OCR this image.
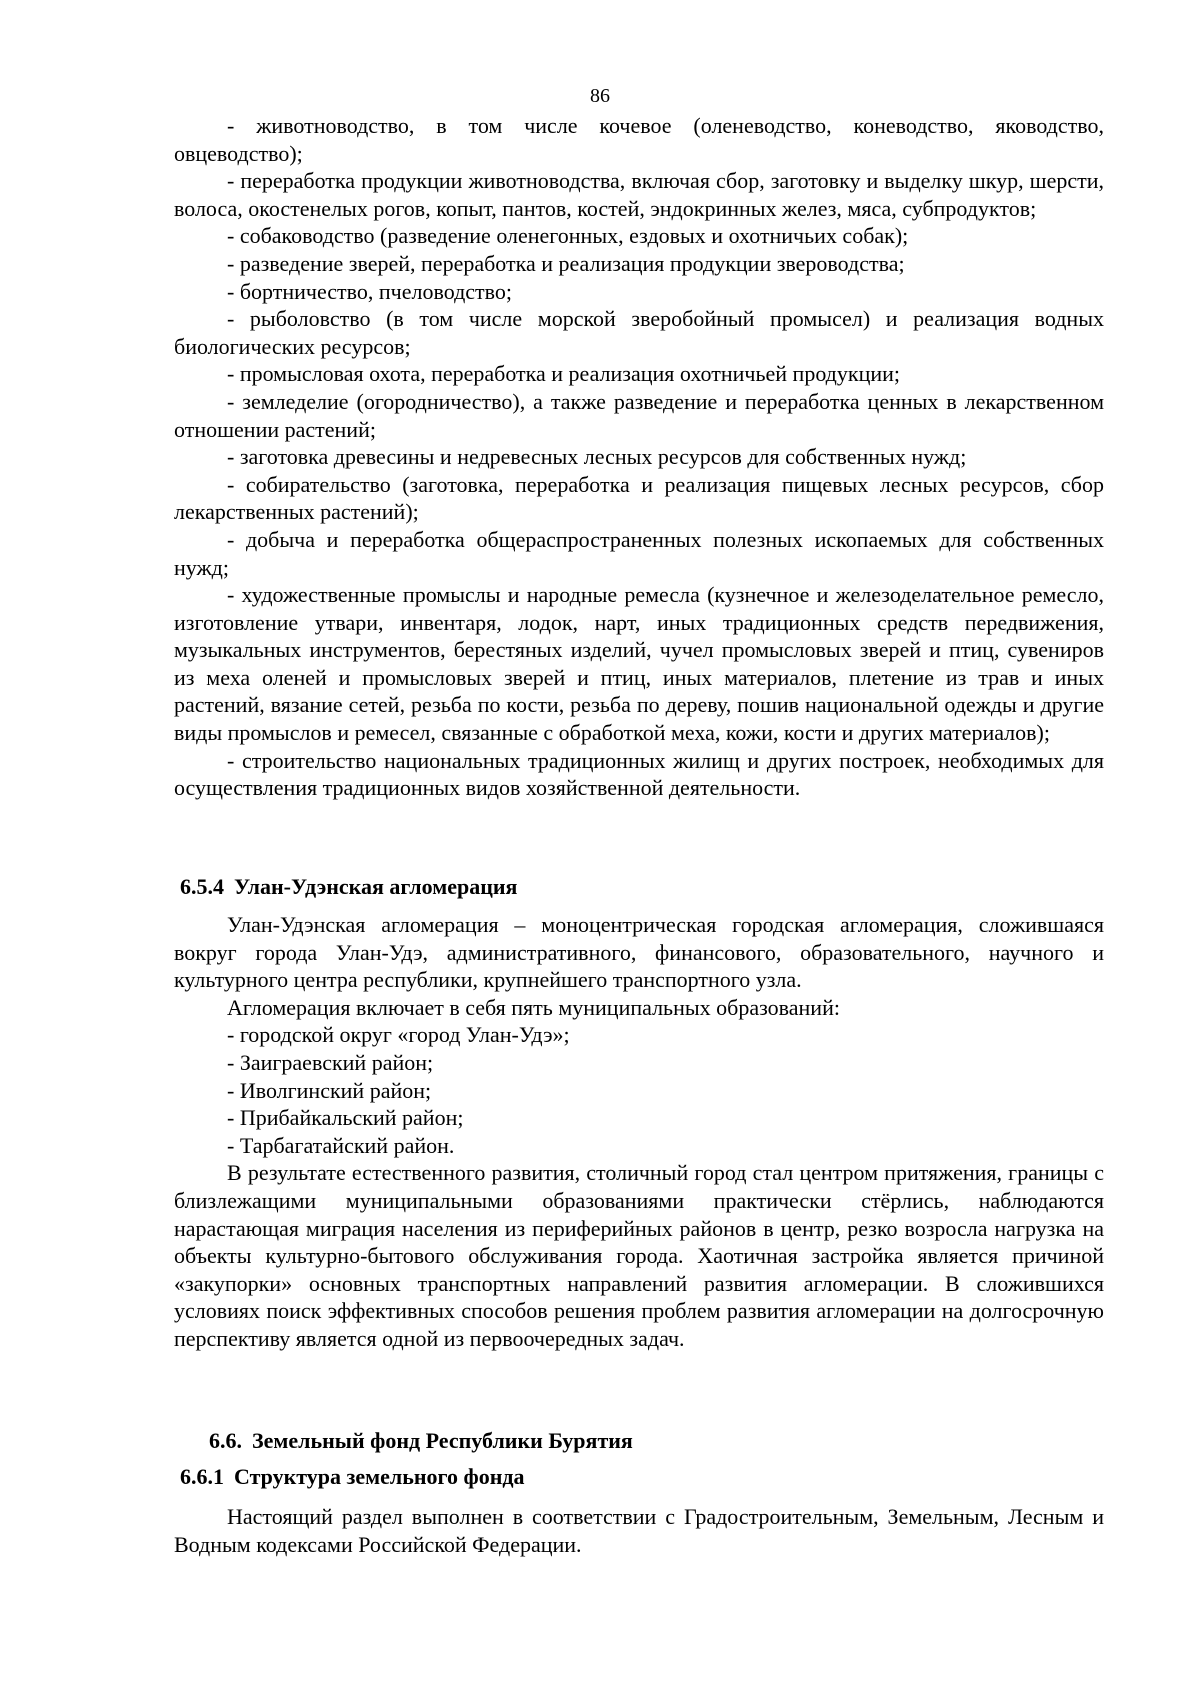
86

- животноводство, в том числе кочевое (оленеводство, коневодство, яководство, овцеводство);

- переработка продукции животноводства, включая сбор, заготовку и выделку шкур, шерсти, волоса, окостенелых рогов, копыт, пантов, костей, эндокринных желез, мяса, субпродуктов;

- собаководство (разведение оленегонных, ездовых и охотничьих собак);

- разведение зверей, переработка и реализация продукции звероводства;

- бортничество, пчеловодство;

- рыболовство (в том числе морской зверобойный промысел) и реализация водных биологических ресурсов;

- промысловая охота, переработка и реализация охотничьей продукции;

- земледелие (огородничество), а также разведение и переработка ценных в лекарственном отношении растений;

- заготовка древесины и недревесных лесных ресурсов для собственных нужд;

- собирательство (заготовка, переработка и реализация пищевых лесных ресурсов, сбор лекарственных растений);

- добыча и переработка общераспространенных полезных ископаемых для собственных нужд;

- художественные промыслы и народные ремесла (кузнечное и железоделательное ремесло, изготовление утвари, инвентаря, лодок, нарт, иных традиционных средств передвижения, музыкальных инструментов, берестяных изделий, чучел промысловых зверей и птиц, сувениров из меха оленей и промысловых зверей и птиц, иных материалов, плетение из трав и иных растений, вязание сетей, резьба по кости, резьба по дереву, пошив национальной одежды и другие виды промыслов и ремесел, связанные с обработкой меха, кожи, кости и других материалов);

- строительство национальных традиционных жилищ и других построек, необходимых для осуществления традиционных видов хозяйственной деятельности.

6.5.4 Улан-Удэнская агломерация

Улан-Удэнская агломерация – моноцентрическая городская агломерация, сложившаяся вокруг города Улан-Удэ, административного, финансового, образовательного, научного и культурного центра республики, крупнейшего транспортного узла.

Агломерация включает в себя пять муниципальных образований:

- городской округ «город Улан-Удэ»;

- Заиграевский район;

- Иволгинский район;

- Прибайкальский район;

- Тарбагатайский район.

В результате естественного развития, столичный город стал центром притяжения, границы с близлежащими муниципальными образованиями практически стёрлись, наблюдаются нарастающая миграция населения из периферийных районов в центр, резко возросла нагрузка на объекты культурно-бытового обслуживания города. Хаотичная застройка является причиной «закупорки» основных транспортных направлений развития агломерации. В сложившихся условиях поиск эффективных способов решения проблем развития агломерации на долгосрочную перспективу является одной из первоочередных задач.

6.6. Земельный фонд Республики Бурятия

6.6.1 Структура земельного фонда

Настоящий раздел выполнен в соответствии с Градостроительным, Земельным, Лесным и Водным кодексами Российской Федерации.
